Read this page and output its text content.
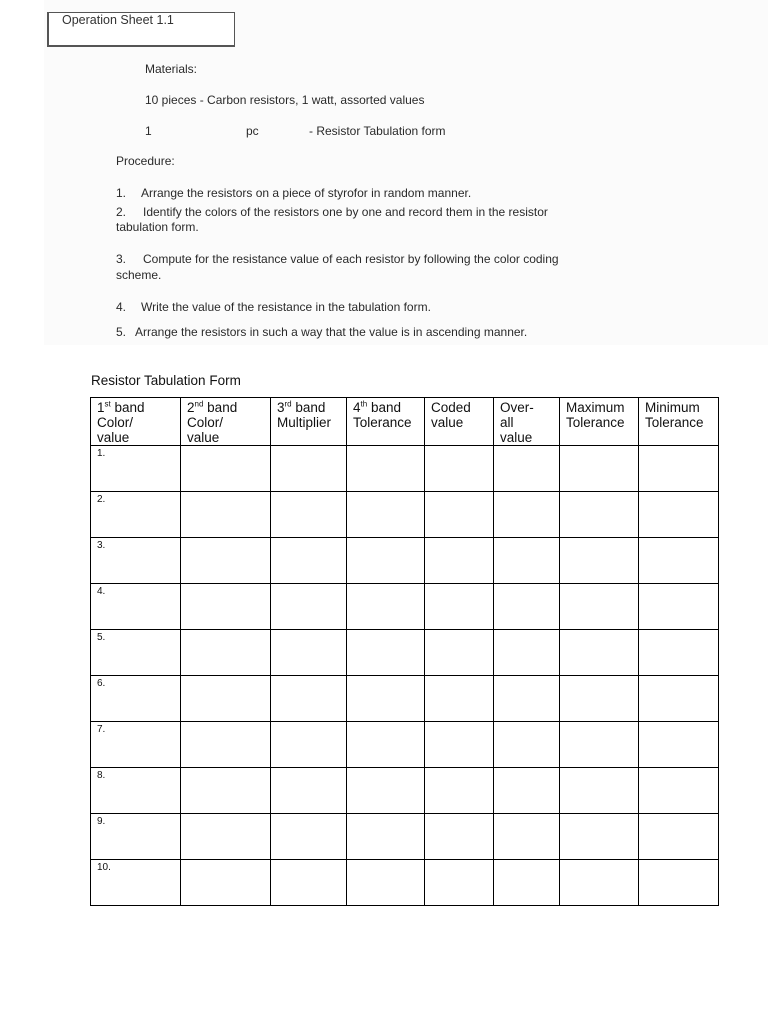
Operation Sheet 1.1
Materials:
10 pieces - Carbon resistors, 1 watt, assorted values
1	pc	- Resistor Tabulation form
Procedure:
1. Arrange the resistors on a piece of styrofor in random manner.
2. Identify the colors of the resistors one by one and record them in the resistor
tabulation form.
3. Compute for the resistance value of each resistor by following the color coding
scheme.
4. Write the value of the resistance in the tabulation form.
5. Arrange the resistors in such a way that the value is in ascending manner.
Resistor Tabulation Form
1st band
Color/
value	2nd band
Color/
value	3rd band
Multiplier	4th band
Tolerance	Coded
value	Over-
all
value	Maximum
Tolerance	Minimum
Tolerance

1.							

2.							

3.							

4.							

5.							

6.							

7.							

8.							

9.							

10.							
